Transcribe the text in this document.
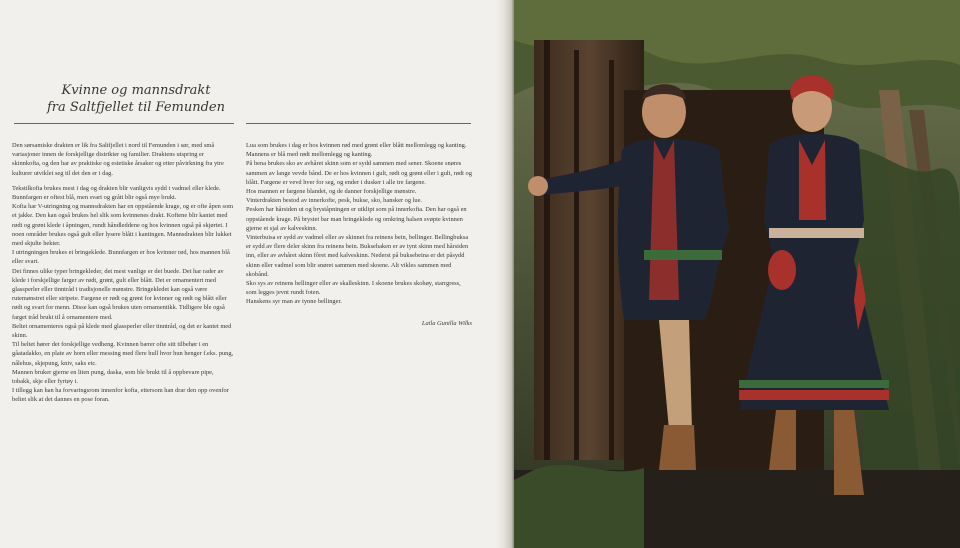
Kvinne og mannsdrakt
fra Saltfjellet til Femunden

Den sørsamiske drakten er lik fra Saltfjellet i nord til Femunden i sør, med små variasjoner innen de forskjellige distrikter og familier. Draktens utspring er skinnkofta, og den har av praktiske og estetiske årsaker og etter påvirkning fra ytre kulturer utviklet seg til det den er i dag.

Tekstilkofta brukes mest i dag og drakten blir vanligvis sydd i vadmel eller klede. Bunnfargen er oftest blå, men svart og grått blir også mye brukt.

Kofta har V-utringning og mannsdrakten har en oppstående krage, og er ofte åpen som et jakke. Den kan også brukes hel slik som kvinnenes drakt. Koftene blir kantet med rødt og grønt klede i åpningen, rundt håndleddene og hos kvinnen også på skjørtet. I noen områder brukes også gult eller lysere blått i kantingen. Mannsdrakten blir lukket med skjulte hekter.

I utringningen brukes et bringeklede. Bunnfargen er hos kvinner rød, hos mannen blå eller svart.

Det finnes ulike typer bringekleder, det mest vanlige er det buede. Det har rader av klede i forskjellige farger av rødt, grønt, gult eller blått. Det er ornamentert med glassperler eller tinntråd i tradisjonelle mønstre. Bringekledet kan også være rutemønstret eller stripete. Fargene er rødt og grønt for kvinner og rødt og blått eller rødt og svart for menn. Disse kan også brukes uten ornamentikk. Tidligere ble også farget tråd brukt til å ornamentere med.

Beltet ornamenteres også på klede med glassperler eller tinntråd, og det er kantet med skinn.

Til beltet hører det forskjellige vedheng. Kvinnen bærer ofte sitt tilbehør i en gåatadakko, en plate av horn eller messing med flere hull hvor hun henger f.eks. pung, nålehus, skjepung, kniv, saks etc.

Mannen bruker gjerne en liten pung, daska, som ble brukt til å oppbevare pipe, tobakk, skje eller fyrtøy i.

I tillegg kan han ha forvaringsrom innenfor kofta, ettersom han drar den opp ovenfor beltet slik at det dannes en pose foran.

Lua som brukes i dag er hos kvinnen rød med grønt eller blått mellomlegg og kanting. Mannens er blå med rødt mellomlegg og kanting.

På bena brukes sko av avhåret skinn som er sydd sammen med sener. Skoene snøres sammen av lange vevde bånd. De er hos kvinnen i gult, rødt og grønt eller i gult, rødt og blått. Fargene er vevd hver for seg, og ender i dusker i alle tre fargene.

Hos mannen er fargene blandet, og de danner forskjellige mønstre.

Vinterdrakten bestod av innerkofte, pesk, bukse, sko, hansker og lue.

Pesken har hårsiden ut og bryståpningen er utklipt som på innerkofta. Den har også en oppstående krage. På brystet bar man bringeklede og omkring halsen svøpte kvinnen gjerne et sjal av kalveskinn.

Vinterbuisa er sydd av vadmel eller av skinnet fra reinens bein, bellinger. Bellingbuksa er sydd av flere deler skinn fra reinens bein. Buksehaken er av tynt skinn med hårsiden inn, eller av avhåret skinn fôret med kalveskinn. Nederst på buksebeina er det påsydd skinn eller vadmel som blir snøret sammen med skoene. Alt vikles sammen med skobånd.

Sko sys av reinens bellinger eller av skalleskinn. I skoene brukes skohøy, starrgress, som legges jevnt rundt foten.

Hanskens syr man av tynne bellinger.

Laila Gunilla Wilks
